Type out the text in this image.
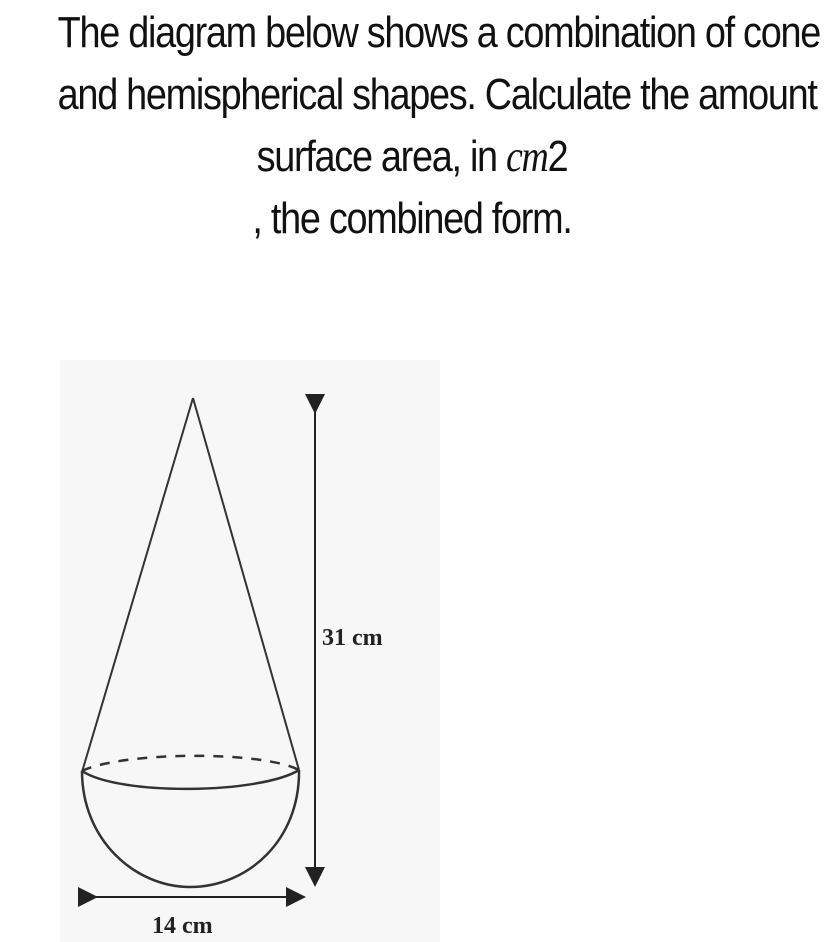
The diagram below shows a combination of cone
and hemispherical shapes. Calculate the amount
surface area, in cm2
, the combined form.
31 cm
14 cm
